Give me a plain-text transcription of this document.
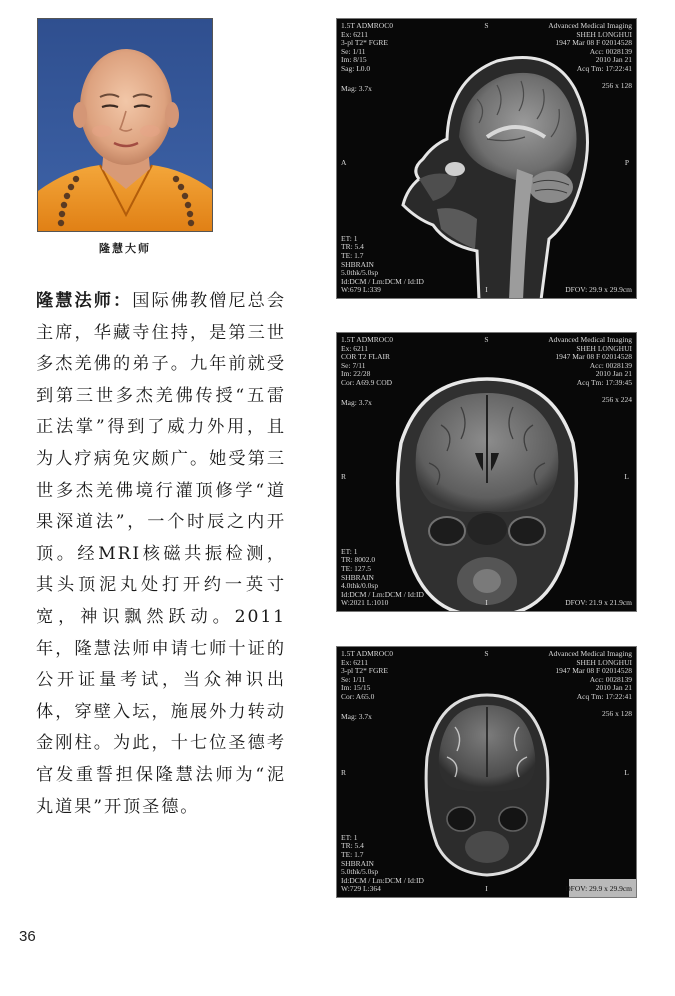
隆慧大师
隆慧法师：国际佛教僧尼总会主席，华藏寺住持，是第三世多杰羌佛的弟子。九年前就受到第三世多杰羌佛传授“五雷正法掌”得到了威力外用，且为人疗病免灾颇广。她受第三世多杰羌佛境行灌顶修学“道果深道法”，一个时辰之内开顶。经MRI核磁共振检测，其头顶泥丸处打开约一英寸宽，神识飘然跃动。2011年，隆慧法师申请七师十证的公开证量考试，当众神识出体，穿壁入坛，施展外力转动金刚柱。为此，十七位圣德考官发重誓担保隆慧法师为“泥丸道果”开顶圣德。
36
1.5T ADMROC0
Ex: 6211
3-pl T2* FGRE
Se: 1/11
Im: 8/15
Sag: L0.0
S	Advanced Medical Imaging
SHEH LONGHUI
1947 Mar 08 F 02014528
Acc: 0028139
2010 Jan 21
Acq Tm: 17:22:41
256 x 128
Mag: 3.7x
A	P
ET: 1
TR: 5.4
TE: 1.7
SHBRAIN
5.0thk/5.0sp
Id:DCM / Lm:DCM / Id:ID
W:679 L:339	I	DFOV: 29.9 x 29.9cm
1.5T ADMROC0
Ex: 6211
COR T2 FLAIR
Se: 7/11
Im: 22/28
Cor: A69.9 COD
S	Advanced Medical Imaging
SHEH LONGHUI
1947 Mar 08 F 02014528
Acc: 0028139
2010 Jan 21
Acq Tm: 17:39:45
256 x 224
Mag: 3.7x
R	L
ET: 1
TR: 8002.0
TE: 127.5
SHBRAIN
4.0thk/0.0sp
Id:DCM / Lm:DCM / Id:ID
W:2021 L:1010	I	DFOV: 21.9 x 21.9cm
1.5T ADMROC0
Ex: 6211
3-pl T2* FGRE
Se: 1/11
Im: 15/15
Cor: A65.0
S	Advanced Medical Imaging
SHEH LONGHUI
1947 Mar 08 F 02014528
Acc: 0028139
2010 Jan 21
Acq Tm: 17:22:41
256 x 128
Mag: 3.7x
R	L
ET: 1
TR: 5.4
TE: 1.7
SHBRAIN
5.0thk/5.0sp
Id:DCM / Lm:DCM / Id:ID
W:729 L:364	I	DFOV: 29.9 x 29.9cm
